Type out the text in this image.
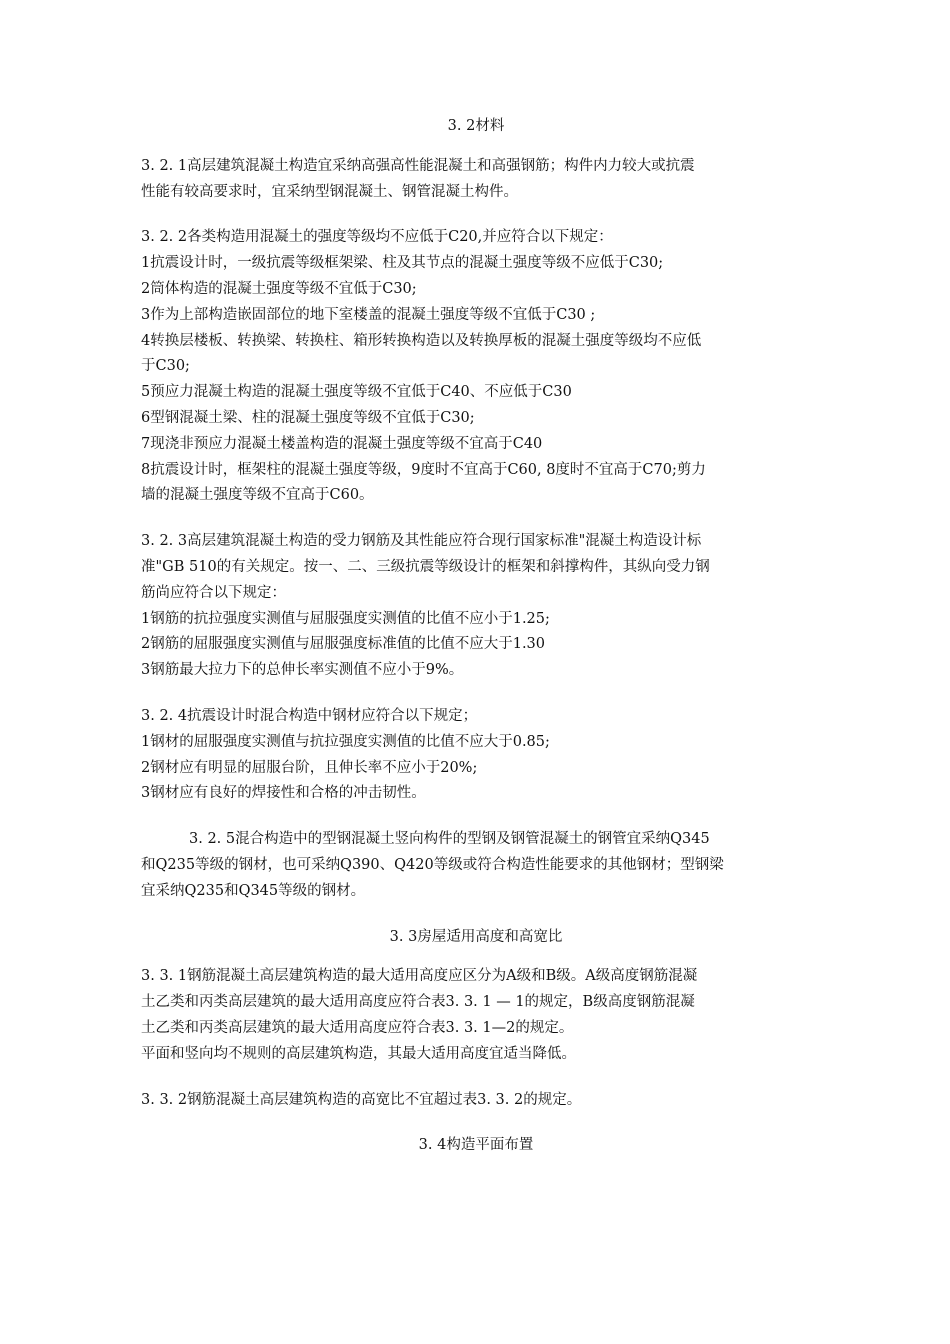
3. 2材料
3. 2. 1高层建筑混凝土构造宜采纳高强高性能混凝土和高强钢筋；构件内力较大或抗震
性能有较高要求时，宜采纳型钢混凝土、钢管混凝土构件。
3. 2. 2各类构造用混凝土的强度等级均不应低于C20,并应符合以下规定：
1抗震设计时，一级抗震等级框架梁、柱及其节点的混凝土强度等级不应低于C30;
2筒体构造的混凝土强度等级不宜低于C30;
3作为上部构造嵌固部位的地下室楼盖的混凝土强度等级不宜低于C30 ;
4转换层楼板、转换梁、转换柱、箱形转换构造以及转换厚板的混凝土强度等级均不应低
于C30;
5预应力混凝土构造的混凝土强度等级不宜低于C40、不应低于C30
6型钢混凝土梁、柱的混凝土强度等级不宜低于C30;
7现浇非预应力混凝土楼盖构造的混凝土强度等级不宜高于C40
8抗震设计时，框架柱的混凝土强度等级，9度时不宜高于C60, 8度时不宜高于C70;剪力
墙的混凝土强度等级不宜高于C60。
3. 2. 3高层建筑混凝土构造的受力钢筋及其性能应符合现行国家标准"混凝土构造设计标
准"GB 510的有关规定。按一、二、三级抗震等级设计的框架和斜撑构件，其纵向受力钢
筋尚应符合以下规定：
1钢筋的抗拉强度实测值与屈服强度实测值的比值不应小于1.25;
2钢筋的屈服强度实测值与屈服强度标准值的比值不应大于1.30
3钢筋最大拉力下的总伸长率实测值不应小于9%。
3. 2. 4抗震设计时混合构造中钢材应符合以下规定；
1钢材的屈服强度实测值与抗拉强度实测值的比值不应大于0.85;
2钢材应有明显的屈服台阶，且伸长率不应小于20%;
3钢材应有良好的焊接性和合格的冲击韧性。
3. 2. 5混合构造中的型钢混凝土竖向构件的型钢及钢管混凝土的钢管宜采纳Q345
和Q235等级的钢材，也可采纳Q390、Q420等级或符合构造性能要求的其他钢材；型钢梁
宜采纳Q235和Q345等级的钢材。
3. 3房屋适用高度和高宽比
3. 3. 1钢筋混凝土高层建筑构造的最大适用高度应区分为A级和B级。A级高度钢筋混凝
土乙类和丙类高层建筑的最大适用高度应符合表3. 3. 1 — 1的规定，B级高度钢筋混凝
土乙类和丙类高层建筑的最大适用高度应符合表3. 3. 1—2的规定。
平面和竖向均不规则的高层建筑构造，其最大适用高度宜适当降低。
3. 3. 2钢筋混凝土高层建筑构造的高宽比不宜超过表3. 3. 2的规定。
3. 4构造平面布置
